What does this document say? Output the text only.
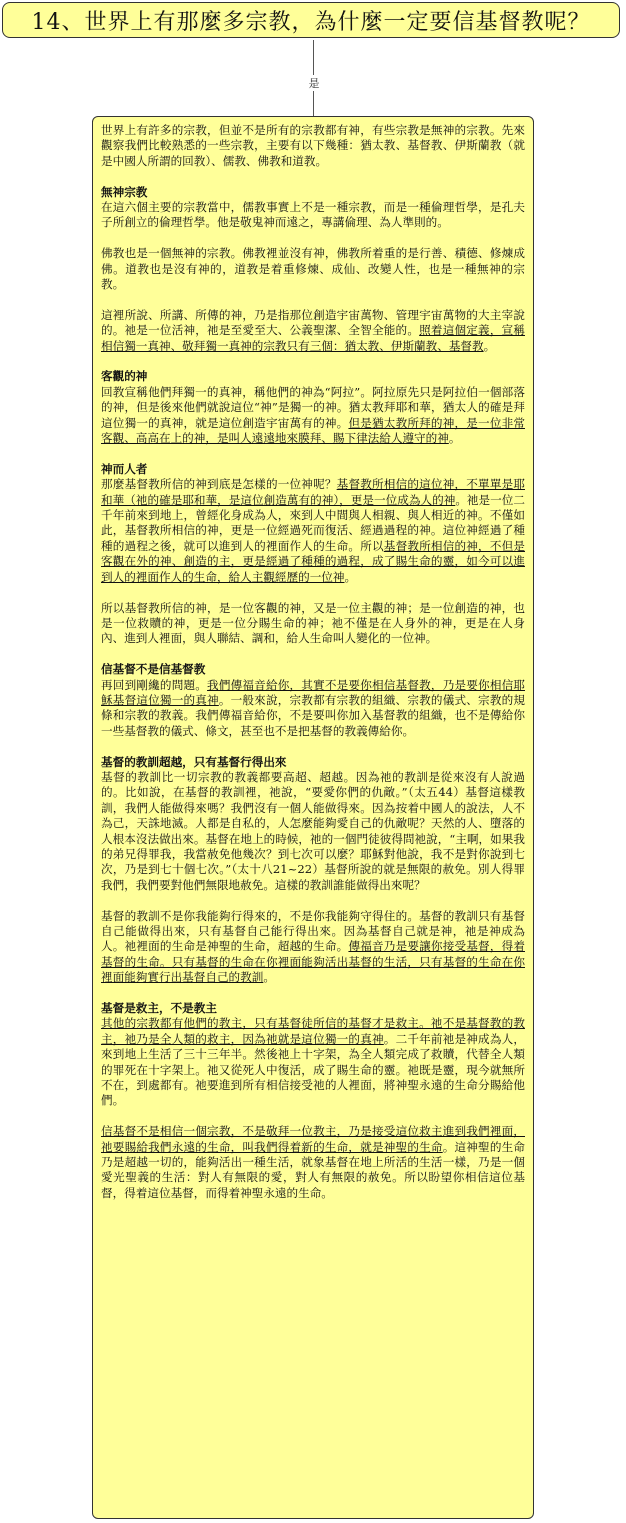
14、世界上有那麼多宗教，為什麼一定要信基督教呢？
是
世界上有許多的宗教，但並不是所有的宗教都有神，有些宗教是無神的宗教。先來觀察我們比較熟悉的一些宗教，主要有以下幾種：猶太教、基督教、伊斯蘭教（就是中國人所謂的回教）、儒教、佛教和道教。
無神宗教
在這六個主要的宗教當中，儒教事實上不是一種宗教，而是一種倫理哲學，是孔夫子所創立的倫理哲學。他是敬鬼神而遠之，專講倫理、為人準則的。
佛教也是一個無神的宗教。佛教裡並沒有神，佛教所着重的是行善、積德、修煉成佛。道教也是沒有神的，道教是着重修煉、成仙、改變人性，也是一種無神的宗教。
這裡所說、所講、所傳的神，乃是指那位創造宇宙萬物、管理宇宙萬物的大主宰說的。祂是一位活神，祂是至愛至大、公義聖潔、全智全能的。照着這個定義，宣稱相信獨一真神、敬拜獨一真神的宗教只有三個：猶太教、伊斯蘭教、基督教。
客觀的神
回教宣稱他們拜獨一的真神，稱他們的神為“阿拉”。阿拉原先只是阿拉伯一個部落的神，但是後來他們就說這位“神”是獨一的神。猶太教拜耶和華，猶太人的確是拜這位獨一的真神，就是這位創造宇宙萬有的神。但是猶太教所拜的神，是一位非常客觀、高高在上的神，是叫人遠遠地來膜拜、賜下律法給人遵守的神。
神而人者
那麼基督教所信的神到底是怎樣的一位神呢？基督教所相信的這位神，不單單是耶和華（祂的確是耶和華，是這位創造萬有的神），更是一位成為人的神。祂是一位二千年前來到地上，曾經化身成為人，來到人中間與人相親、與人相近的神。不僅如此，基督教所相信的神，更是一位經過死而復活、經過過程的神。這位神經過了種種的過程之後，就可以進到人的裡面作人的生命。所以基督教所相信的神，不但是客觀在外的神、創造的主，更是經過了種種的過程，成了賜生命的靈，如今可以進到人的裡面作人的生命，給人主觀經歷的一位神。
所以基督教所信的神，是一位客觀的神，又是一位主觀的神；是一位創造的神，也是一位救贖的神，更是一位分賜生命的神；祂不僅是在人身外的神，更是在人身內、進到人裡面，與人聯結、調和，給人生命叫人變化的一位神。
信基督不是信基督教
再回到剛纔的問題。我們傳福音給你，其實不是要你相信基督教，乃是要你相信耶穌基督這位獨一的真神。一般來說，宗教都有宗教的組織、宗教的儀式、宗教的規條和宗教的教義。我們傳福音給你，不是要叫你加入基督教的組織，也不是傳給你一些基督教的儀式、條文，甚至也不是把基督的教義傳給你。
基督的教訓超越，只有基督行得出來
基督的教訓比一切宗教的教義都要高超、超越。因為祂的教訓是從來沒有人說過的。比如說，在基督的教訓裡，祂說，“要愛你們的仇敵。”（太五44）基督這樣教訓，我們人能做得來嗎？我們沒有一個人能做得來。因為按着中國人的說法，人不為己，天誅地滅。人都是自私的，人怎麼能夠愛自己的仇敵呢？天然的人、墮落的人根本沒法做出來。基督在地上的時候，祂的一個門徒彼得問祂說，“主啊，如果我的弟兄得罪我，我當赦免他幾次？到七次可以麼？耶穌對他說，我不是對你說到七次，乃是到七十個七次。”（太十八21~22）基督所說的就是無限的赦免。別人得罪我們，我們要對他們無限地赦免。這樣的教訓誰能做得出來呢？
基督的教訓不是你我能夠行得來的，不是你我能夠守得住的。基督的教訓只有基督自己能做得出來，只有基督自己能行得出來。因為基督自己就是神，祂是神成為人。祂裡面的生命是神聖的生命，超越的生命。傳福音乃是要讓你接受基督，得着基督的生命。只有基督的生命在你裡面能夠活出基督的生活，只有基督的生命在你裡面能夠實行出基督自己的教訓。
基督是救主，不是教主
其他的宗教都有他們的教主，只有基督徒所信的基督才是救主。祂不是基督教的教主，祂乃是全人類的救主，因為祂就是這位獨一的真神。二千年前祂是神成為人，來到地上生活了三十三年半。然後祂上十字架，為全人類完成了救贖，代替全人類的罪死在十字架上。祂又從死人中復活，成了賜生命的靈。祂既是靈，現今就無所不在，到處都有。祂要進到所有相信接受祂的人裡面，將神聖永遠的生命分賜給他們。
信基督不是相信一個宗教，不是敬拜一位教主，乃是接受這位救主進到我們裡面，祂要賜給我們永遠的生命，叫我們得着新的生命，就是神聖的生命。這神聖的生命乃是超越一切的，能夠活出一種生活，就象基督在地上所活的生活一樣，乃是一個愛光聖義的生活：對人有無限的愛，對人有無限的赦免。所以盼望你相信這位基督，得着這位基督，而得着神聖永遠的生命。
